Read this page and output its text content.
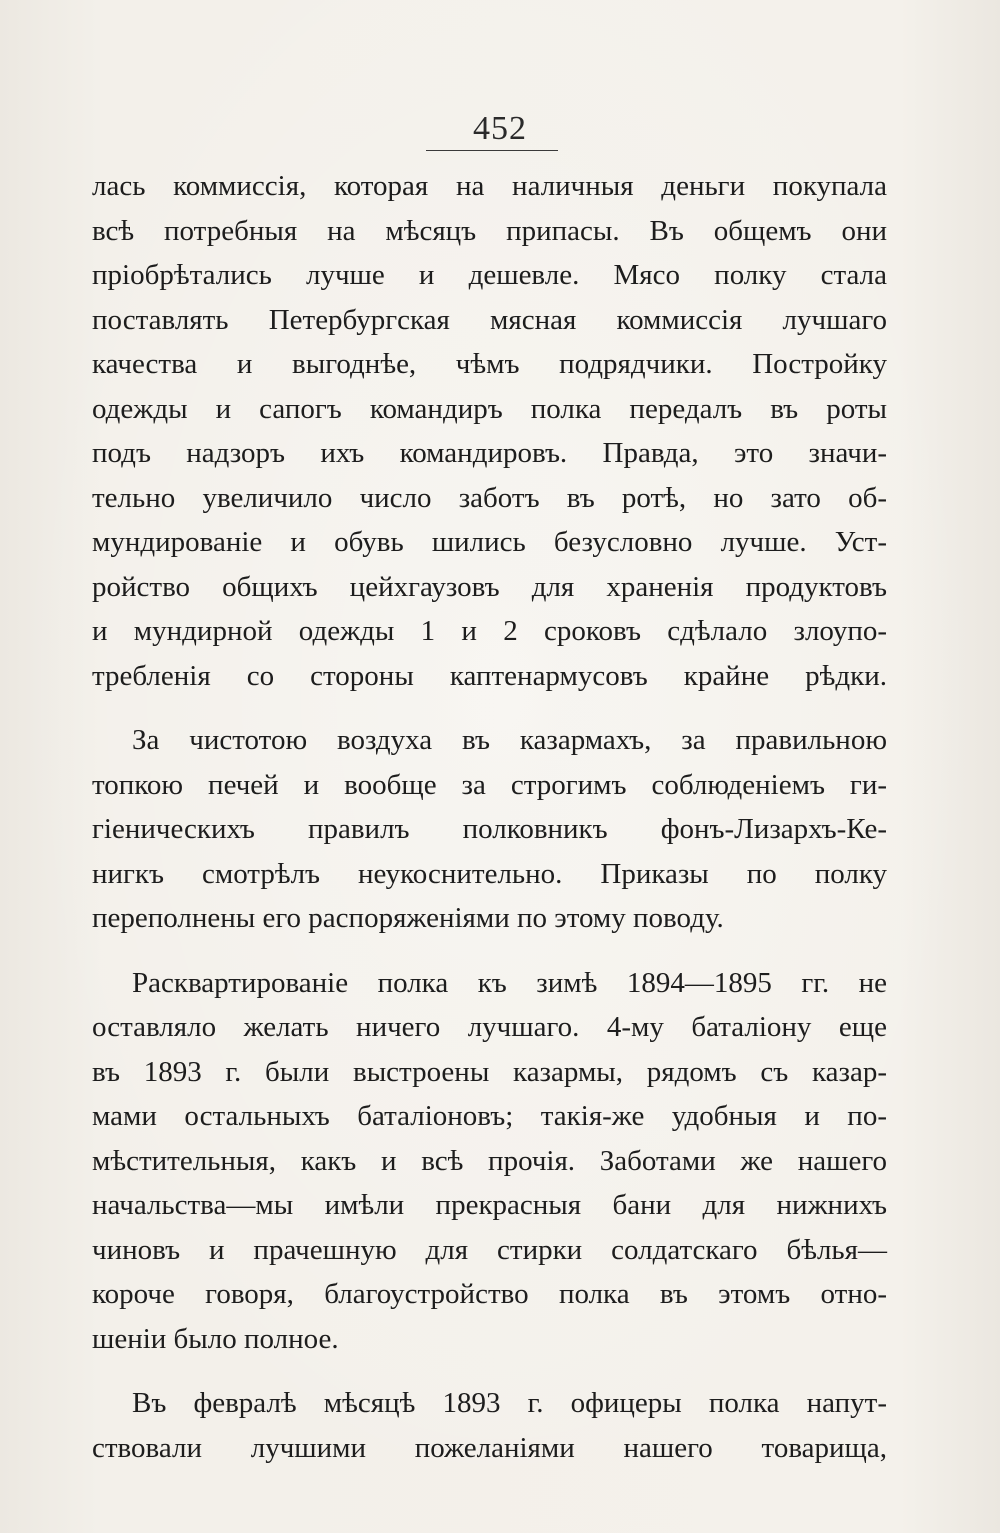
452

лась коммиссія, которая на наличныя деньги покупала
всѣ потребныя на мѣсяцъ припасы. Въ общемъ они
пріобрѣтались лучше и дешевле. Мясо полку стала
поставлять Петербургская мясная коммиссія лучшаго
качества и выгоднѣе, чѣмъ подрядчики. Постройку
одежды и сапогъ командиръ полка передалъ въ роты
подъ надзоръ ихъ командировъ. Правда, это значи-
тельно увеличило число заботъ въ ротѣ, но зато об-
мундированіе и обувь шились безусловно лучше. Уст-
ройство общихъ цейхгаузовъ для храненія продуктовъ
и мундирной одежды 1 и 2 сроковъ сдѣлало злоупо-
требленія со стороны каптенармусовъ крайне рѣдки.

За чистотою воздуха въ казармахъ, за правильною
топкою печей и вообще за строгимъ соблюденіемъ ги-
гіеническихъ правилъ полковникъ фонъ-Лизархъ-Ке-
нигкъ смотрѣлъ неукоснительно. Приказы по полку
переполнены его распоряженіями по этому поводу.

Расквартированіе полка къ зимѣ 1894—1895 гг. не
оставляло желать ничего лучшаго. 4-му баталіону еще
въ 1893 г. были выстроены казармы, рядомъ съ казар-
мами остальныхъ баталіоновъ; такія-же удобныя и по-
мѣстительныя, какъ и всѣ прочія. Заботами же нашего
начальства—мы имѣли прекрасныя бани для нижнихъ
чиновъ и прачешную для стирки солдатскаго бѣлья—
короче говоря, благоустройство полка въ этомъ отно-
шеніи было полное.

Въ февралѣ мѣсяцѣ 1893 г. офицеры полка напут-
ствовали лучшими пожеланіями нашего товарища,
